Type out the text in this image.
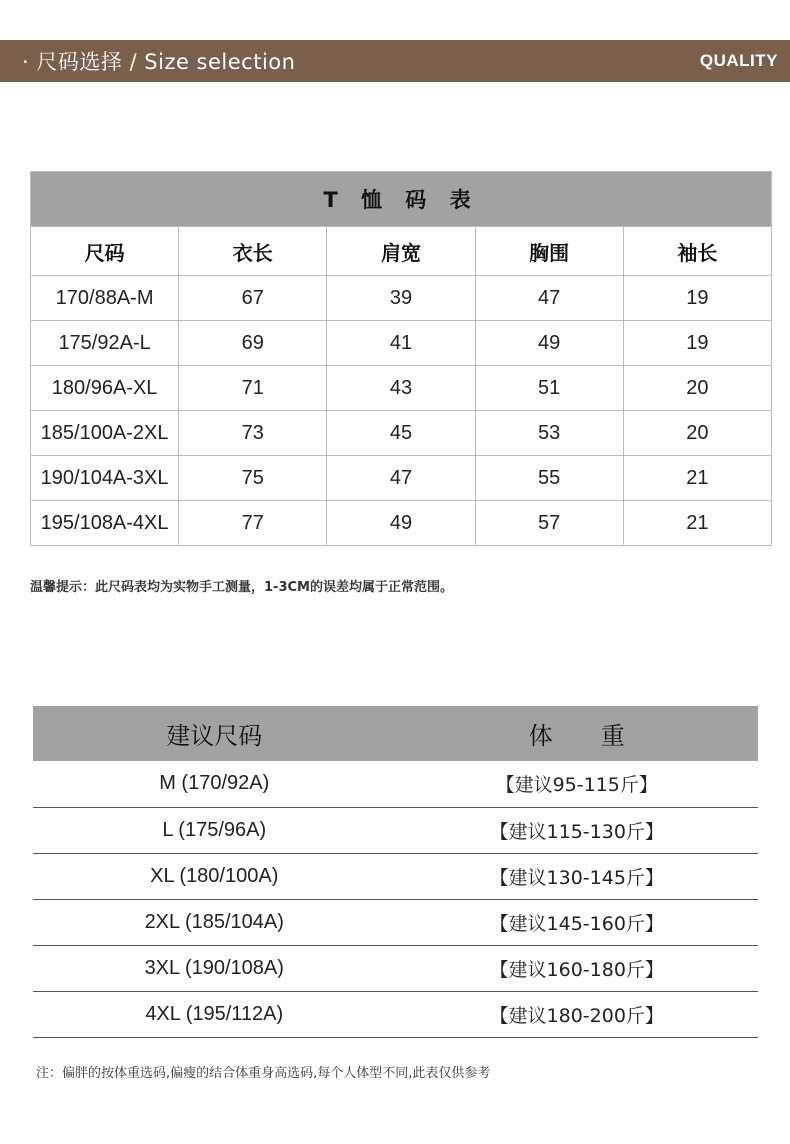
· 尺码选择 / Size selection	QUALITY
T 恤 码 表				
尺码	衣长	肩宽	胸围	袖长
170/88A-M	67	39	47	19
175/92A-L	69	41	49	19
180/96A-XL	71	43	51	20
185/100A-2XL	73	45	53	20
190/104A-3XL	75	47	55	21
195/108A-4XL	77	49	57	21
温馨提示：此尺码表均为实物手工测量，1-3CM的误差均属于正常范围。
建议尺码	体　　重
M (170/92A)	【建议95-115斤】
L (175/96A)	【建议115-130斤】
XL (180/100A)	【建议130-145斤】
2XL (185/104A)	【建议145-160斤】
3XL (190/108A)	【建议160-180斤】
4XL (195/112A)	【建议180-200斤】
注：偏胖的按体重选码,偏瘦的结合体重身高选码,每个人体型不同,此表仅供参考
